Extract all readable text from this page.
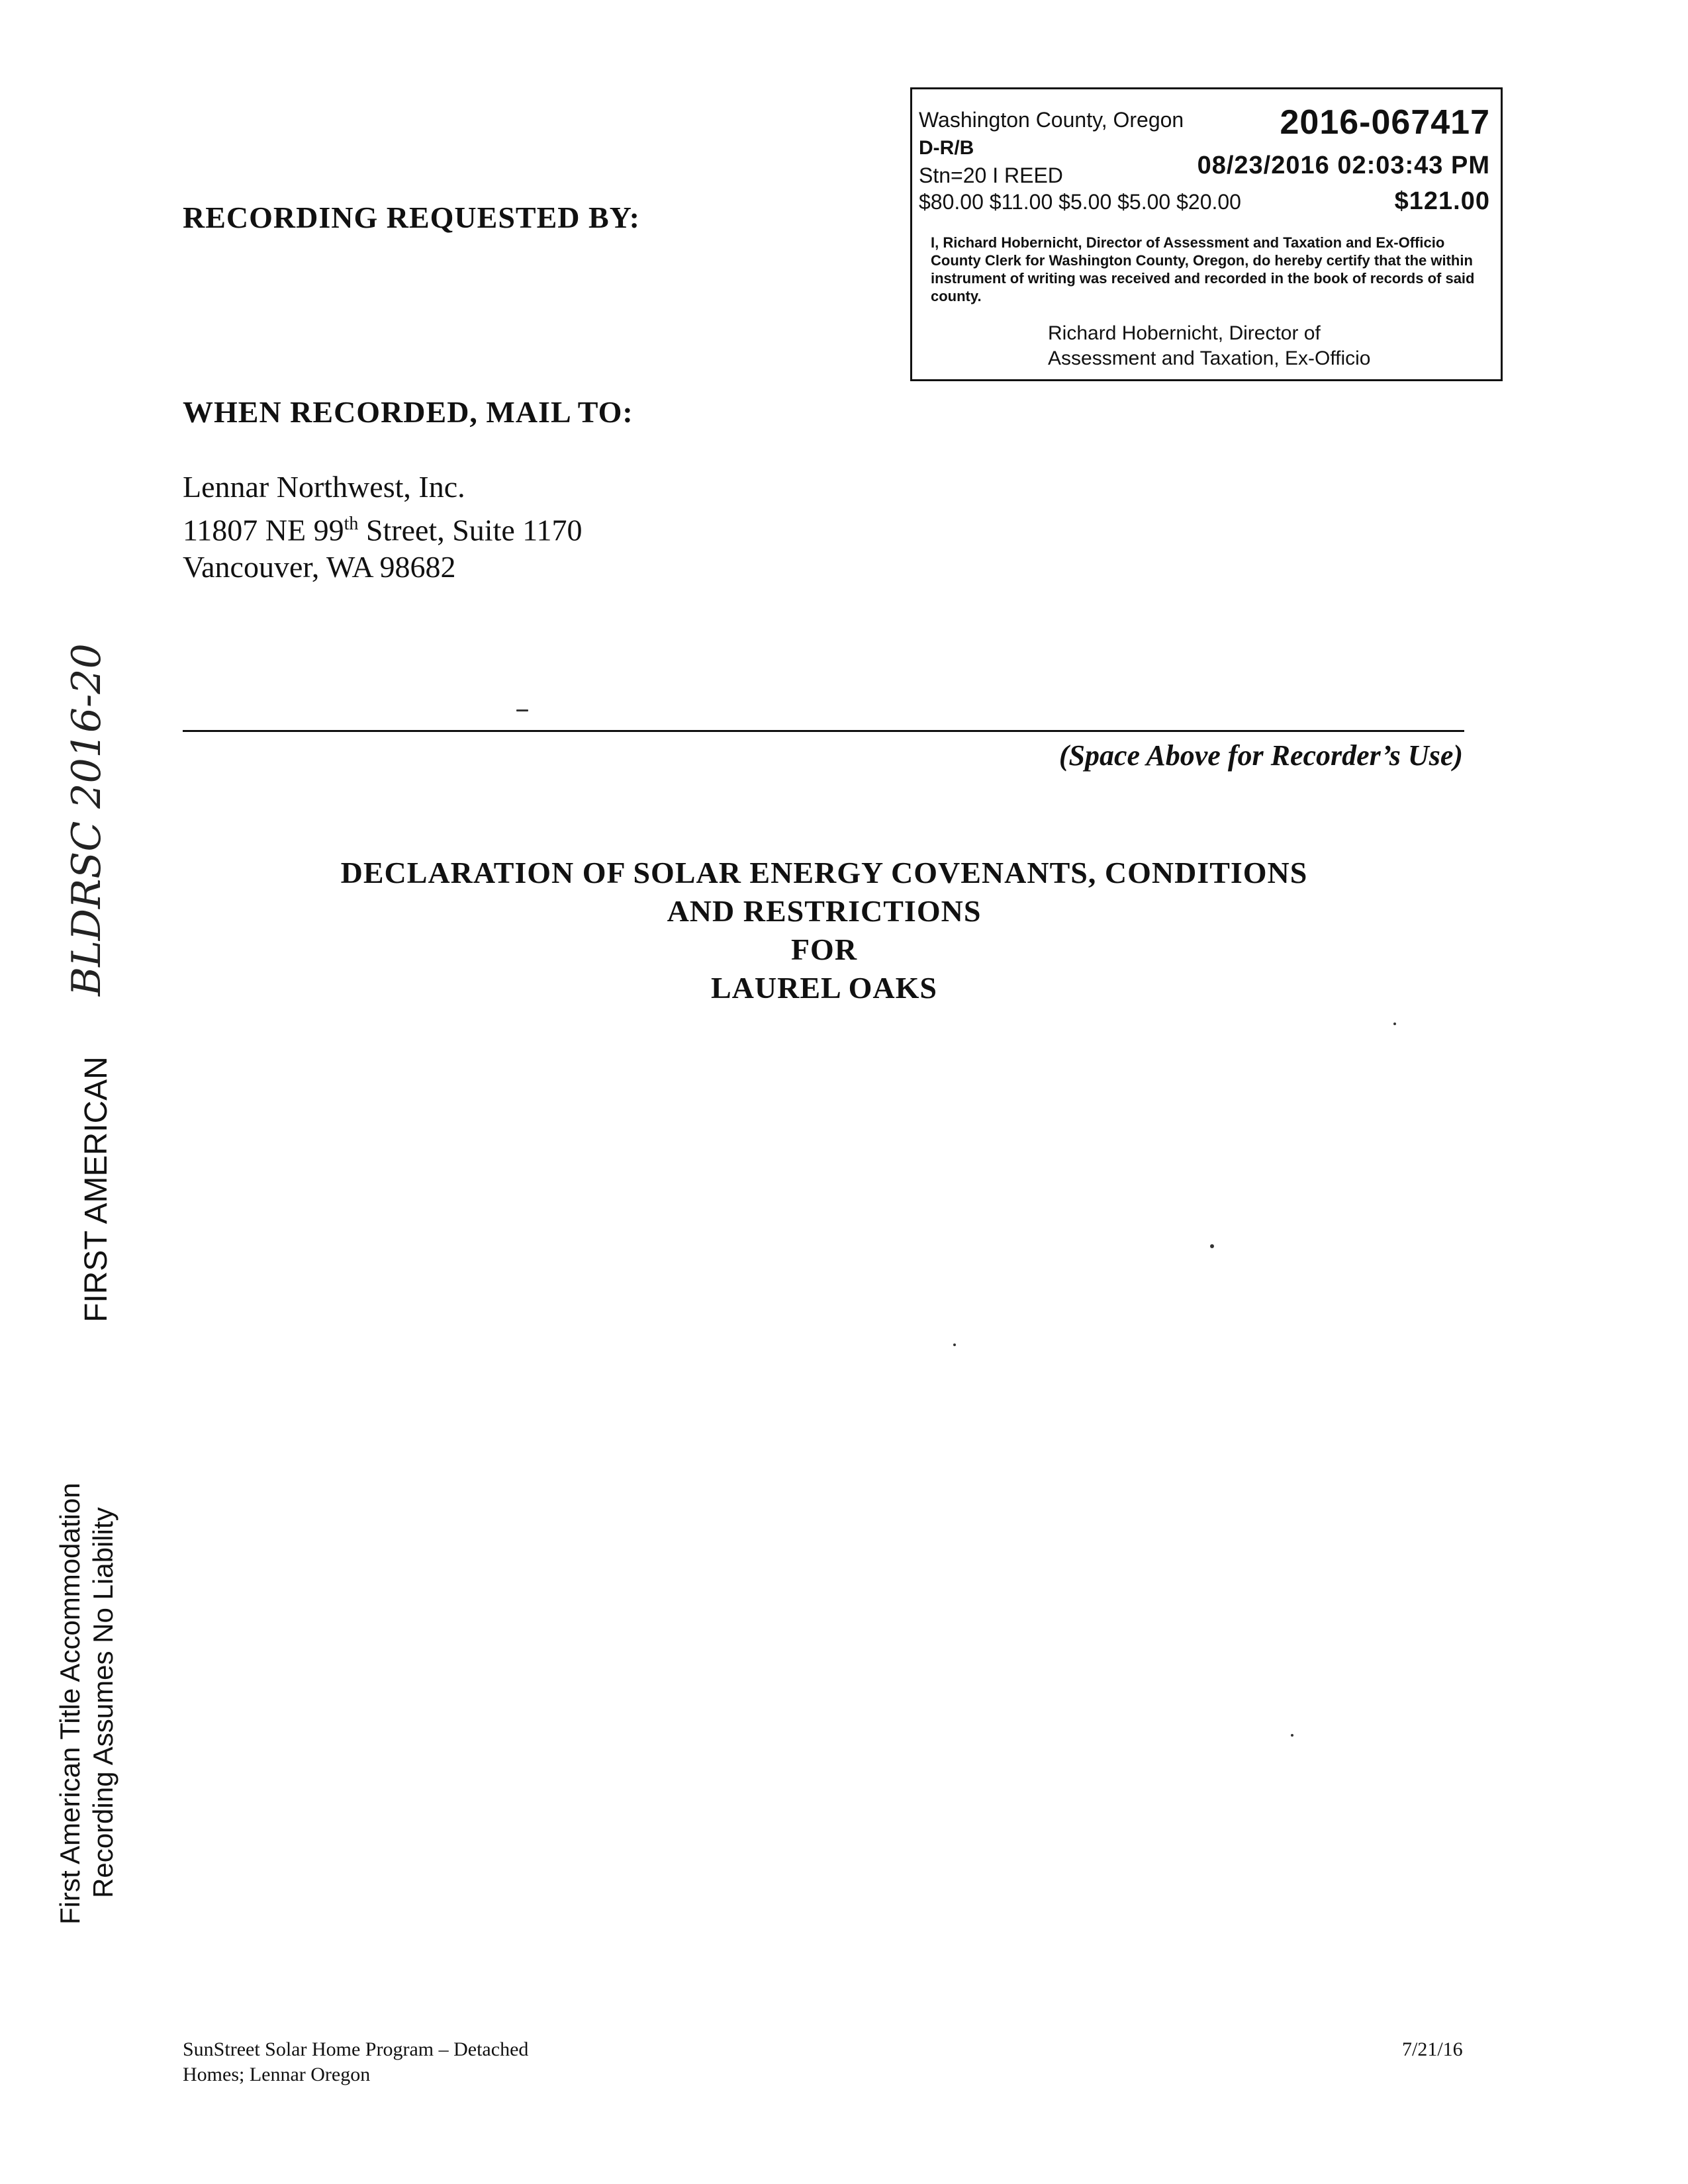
Washington County, Oregon	2016-067417
D-R/B
Stn=20 I REED	08/23/2016 02:03:43 PM
$80.00 $11.00 $5.00 $5.00 $20.00	$121.00
I, Richard Hobernicht, Director of Assessment and Taxation and Ex-Officio County Clerk for Washington County, Oregon, do hereby certify that the within instrument of writing was received and recorded in the book of records of said county.
Richard Hobernicht, Director of
Assessment and Taxation, Ex-Officio
RECORDING REQUESTED BY:
WHEN RECORDED, MAIL TO:
Lennar Northwest, Inc.
11807 NE 99th Street, Suite 1170
Vancouver, WA 98682
(Space Above for Recorder’s Use)
DECLARATION OF SOLAR ENERGY COVENANTS, CONDITIONS
AND RESTRICTIONS
FOR
LAUREL OAKS
FIRST AMERICAN
BLDRSC 2016-20
First American Title Accommodation Recording Assumes No Liability
SunStreet Solar Home Program – Detached
Homes; Lennar Oregon
7/21/16
